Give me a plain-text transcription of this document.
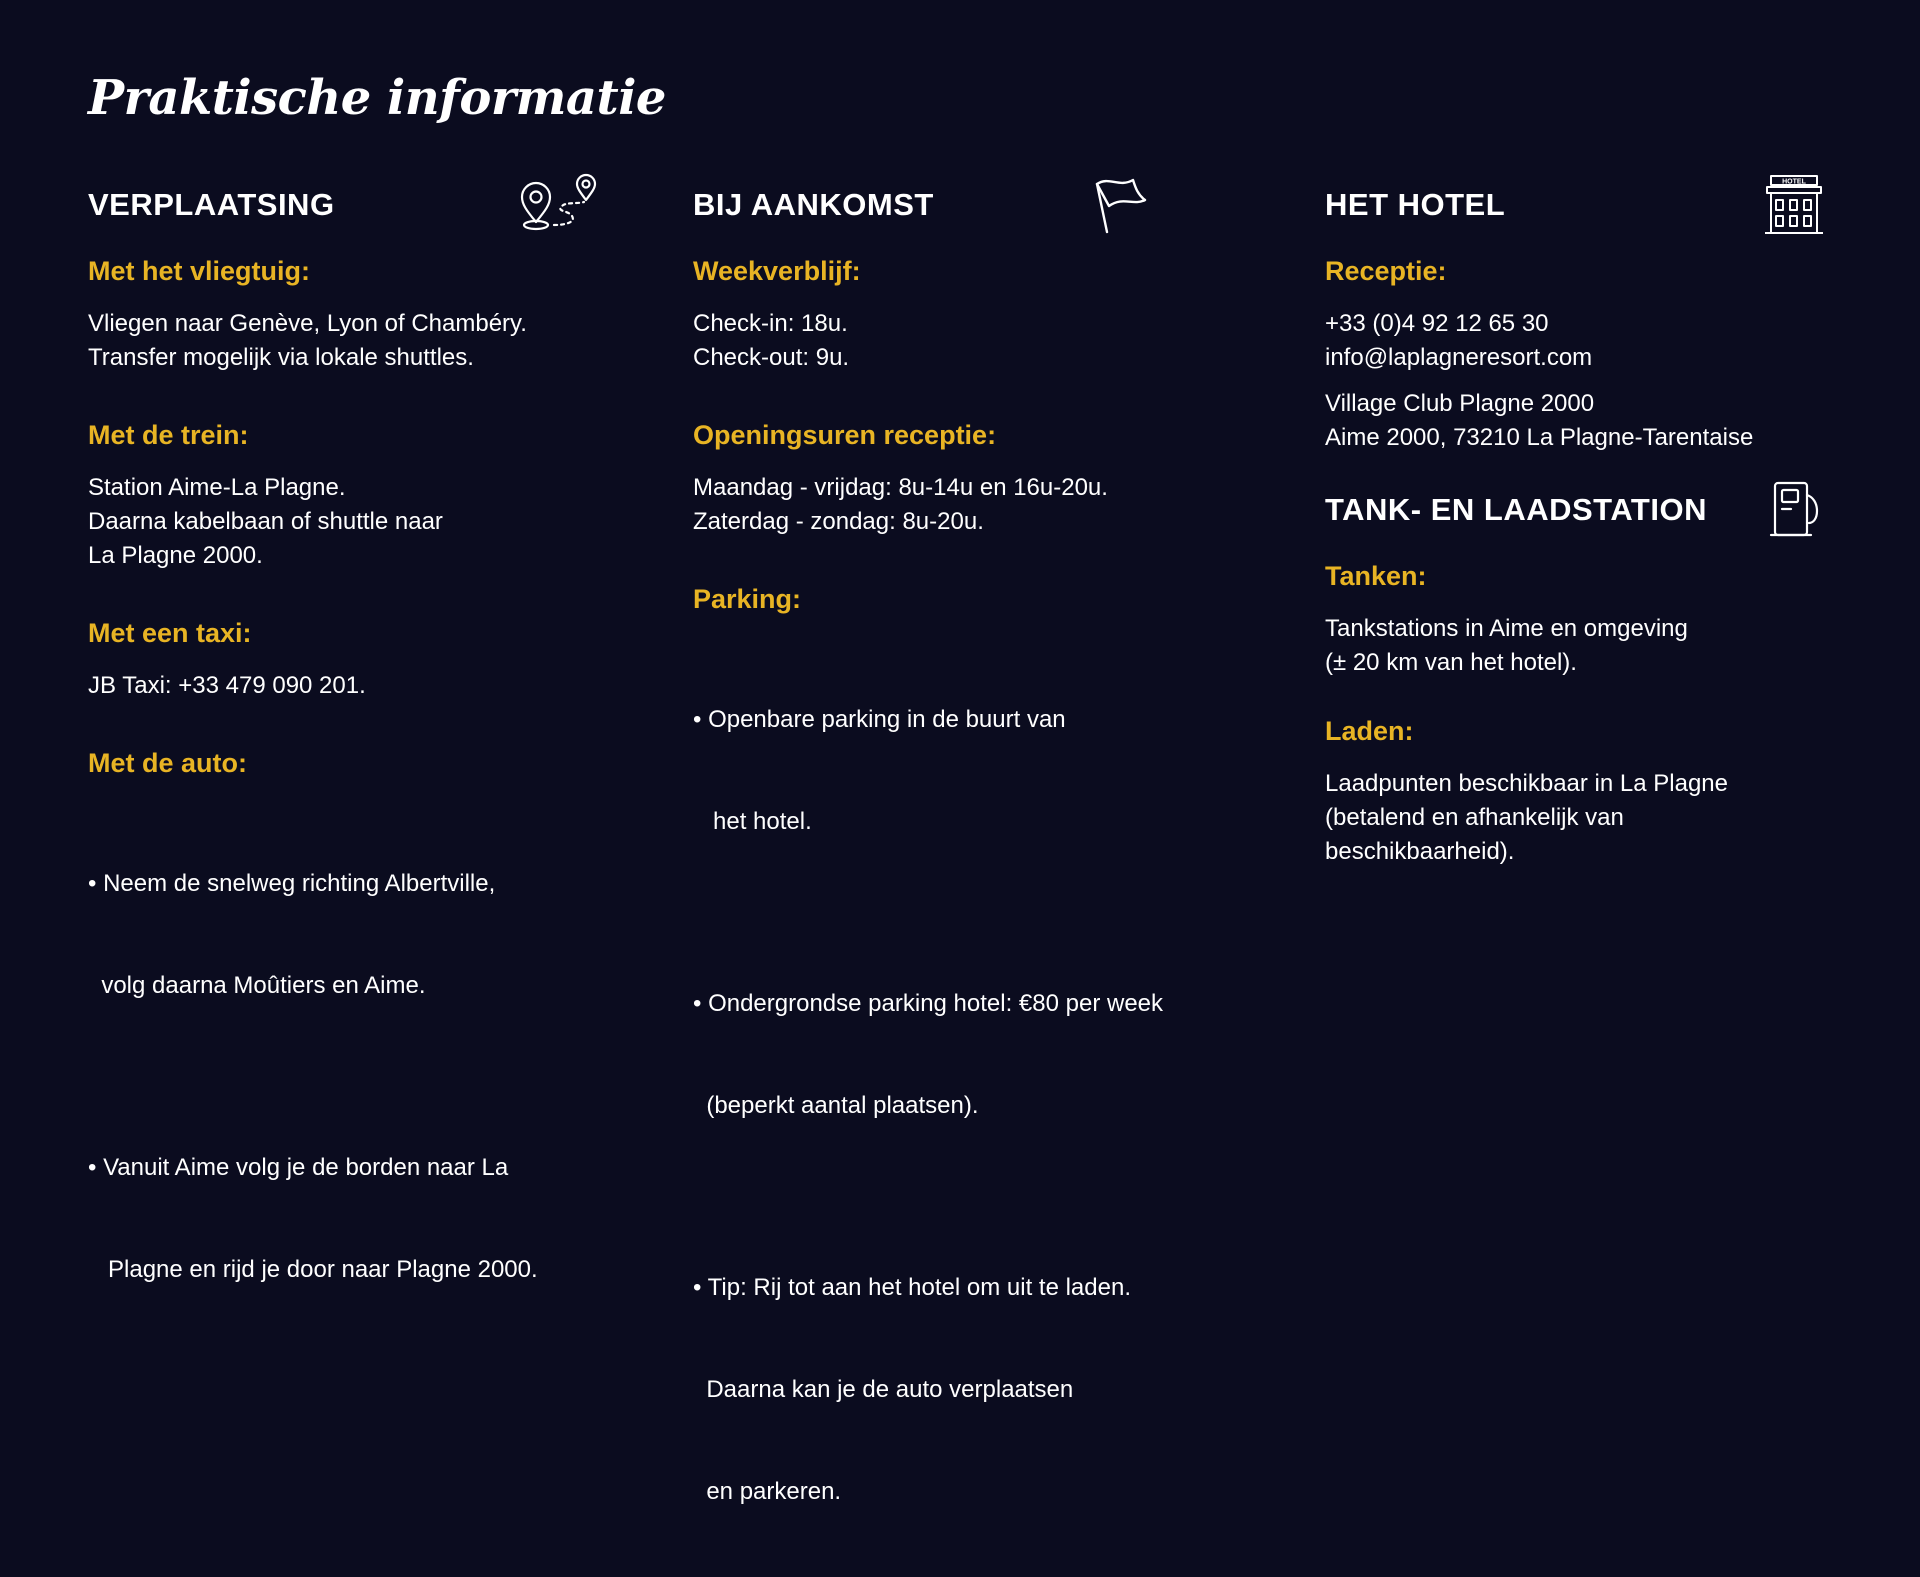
Praktische informatie
VERPLAATSING

Met het vliegtuig:

Vliegen naar Genève, Lyon of Chambéry.
Transfer mogelijk via lokale shuttles.

Met de trein:

Station Aime-La Plagne.
Daarna kabelbaan of shuttle naar
La Plagne 2000.

Met een taxi:

JB Taxi: +33 479 090 201.

Met de auto:

• Neem de snelweg richting Albertville,

volg daarna Moûtiers en Aime.

• Vanuit Aime volg je de borden naar La

Plagne en rijd je door naar Plagne 2000.

BIJ AANKOMST

Weekverblijf:

Check-in: 18u.
Check-out: 9u.

Openingsuren receptie:

Maandag - vrijdag: 8u-14u en 16u-20u.
Zaterdag - zondag: 8u-20u.

Parking:

• Openbare parking in de buurt van

het hotel.

• Ondergrondse parking hotel: €80 per week

(beperkt aantal plaatsen).

• Tip: Rij tot aan het hotel om uit te laden.

Daarna kan je de auto verplaatsen

en parkeren.

HET HOTEL
HOTEL

Receptie:

+33 (0)4 92 12 65 30
info@laplagneresort.com
Village Club Plagne 2000
Aime 2000, 73210 La Plagne-Tarentaise
TANK- EN LAADSTATION

Tanken:

Tankstations in Aime en omgeving
(± 20 km van het hotel).

Laden:

Laadpunten beschikbaar in La Plagne
(betalend en afhankelijk van
beschikbaarheid).
